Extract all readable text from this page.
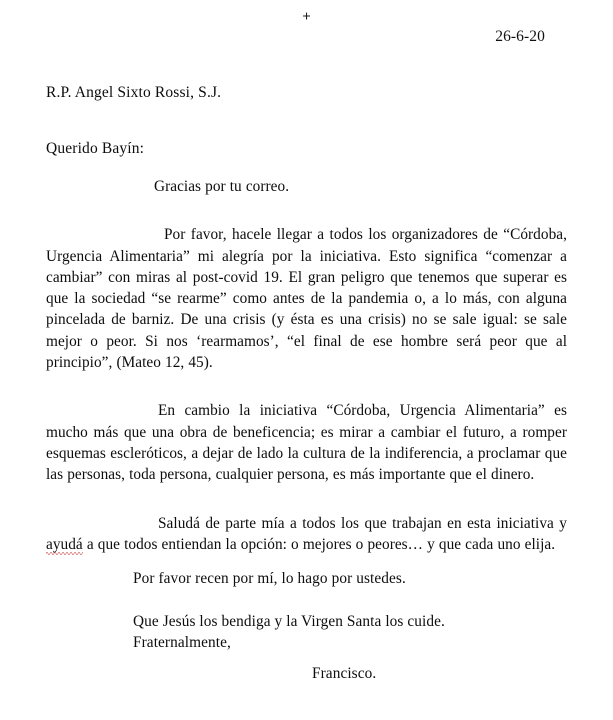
+
26-6-20
R.P. Angel Sixto Rossi, S.J.
Querido Bayín:

Gracias por tu correo.

Por favor, hacele llegar a todos los organizadores de “Córdoba, Urgencia Alimentaria” mi alegría por la iniciativa. Esto significa “comenzar a cambiar” con miras al post-covid 19. El gran peligro que tenemos que superar es que la sociedad “se rearme” como antes de la pandemia o, a lo más, con alguna pincelada de barniz. De una crisis (y ésta es una crisis) no se sale igual: se sale mejor o peor. Si nos ‘rearmamos’, “el final de ese hombre será peor que al principio”, (Mateo 12, 45).

En cambio la iniciativa “Córdoba, Urgencia Alimentaria” es mucho más que una obra de beneficencia; es mirar a cambiar el futuro, a romper esquemas escleróticos, a dejar de lado la cultura de la indiferencia, a proclamar que las personas, toda persona, cualquier persona, es más importante que el dinero.

Saludá de parte mía a todos los que trabajan en esta iniciativa y ayudá a que todos entiendan la opción: o mejores o peores… y que cada uno elija.

Por favor recen por mí, lo hago por ustedes.

Que Jesús los bendiga y la Virgen Santa los cuide.

Fraternalmente,

Francisco.
